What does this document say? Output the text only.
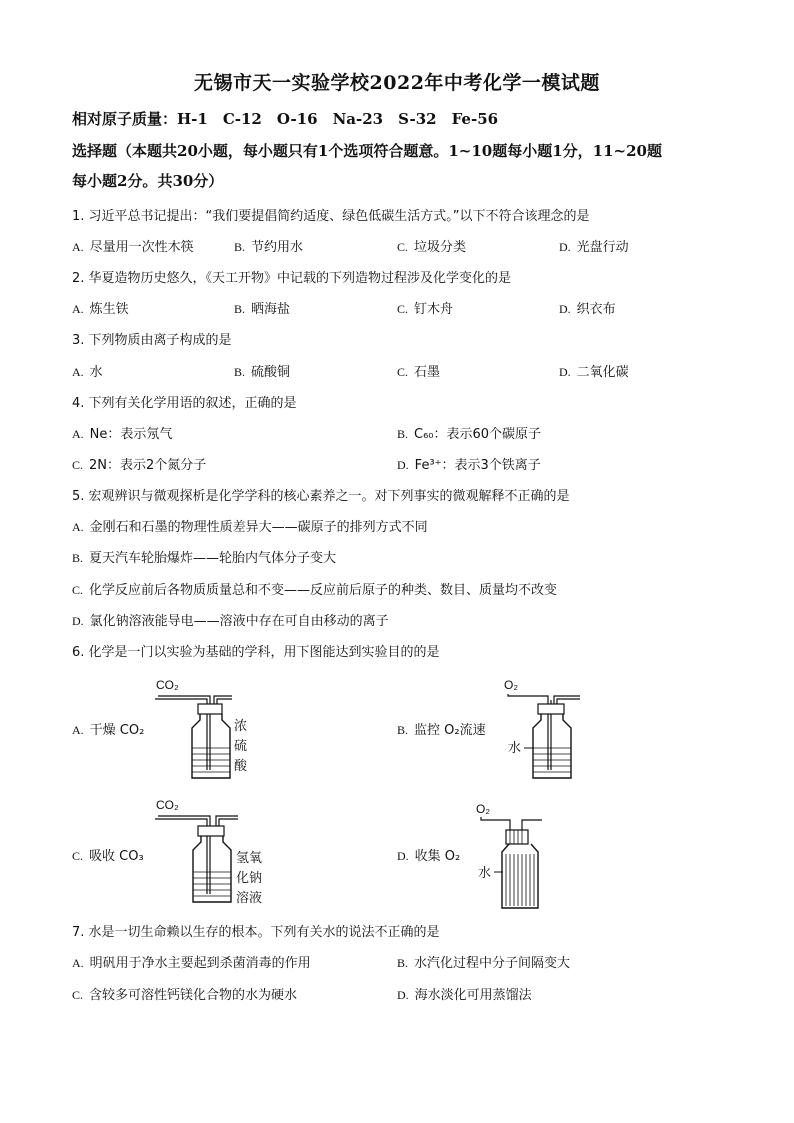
无锡市天一实验学校2022年中考化学一模试题
相对原子质量：H-1　C-12　O-16　Na-23　S-32　Fe-56
选择题（本题共20小题，每小题只有1个选项符合题意。1~10题每小题1分，11~20题
每小题2分。共30分）
1. 习近平总书记提出：“我们要提倡简约适度、绿色低碳生活方式。”以下不符合该理念的是
A. 尽量用一次性木筷	B. 节约用水	C. 垃圾分类	D. 光盘行动
2. 华夏造物历史悠久，《天工开物》中记载的下列造物过程涉及化学变化的是
A. 炼生铁	B. 晒海盐	C. 钉木舟	D. 织衣布
3. 下列物质由离子构成的是
A. 水	B. 硫酸铜	C. 石墨	D. 二氧化碳
4. 下列有关化学用语的叙述，正确的是
A. Ne：表示氖气	B. C₆₀：表示60个碳原子
C. 2N：表示2个氮分子	D. Fe³⁺：表示3个铁离子
5. 宏观辨识与微观探析是化学学科的核心素养之一。对下列事实的微观解释不正确的是
A. 金刚石和石墨的物理性质差异大——碳原子的排列方式不同
B. 夏天汽车轮胎爆炸——轮胎内气体分子变大
C. 化学反应前后各物质质量总和不变——反应前后原子的种类、数目、质量均不改变
D. 氯化钠溶液能导电——溶液中存在可自由移动的离子
6. 化学是一门以实验为基础的学科，用下图能达到实验目的的是
A. 干燥 CO₂	B. 监控 O₂流速
C. 吸收 CO₃	D. 收集 O₂
CO₂
浓
硫
酸
O₂
水
CO₂
氢氧
化钠
溶液
O₂
水
7. 水是一切生命赖以生存的根本。下列有关水的说法不正确的是
A. 明矾用于净水主要起到杀菌消毒的作用	B. 水汽化过程中分子间隔变大
C. 含较多可溶性钙镁化合物的水为硬水	D. 海水淡化可用蒸馏法
